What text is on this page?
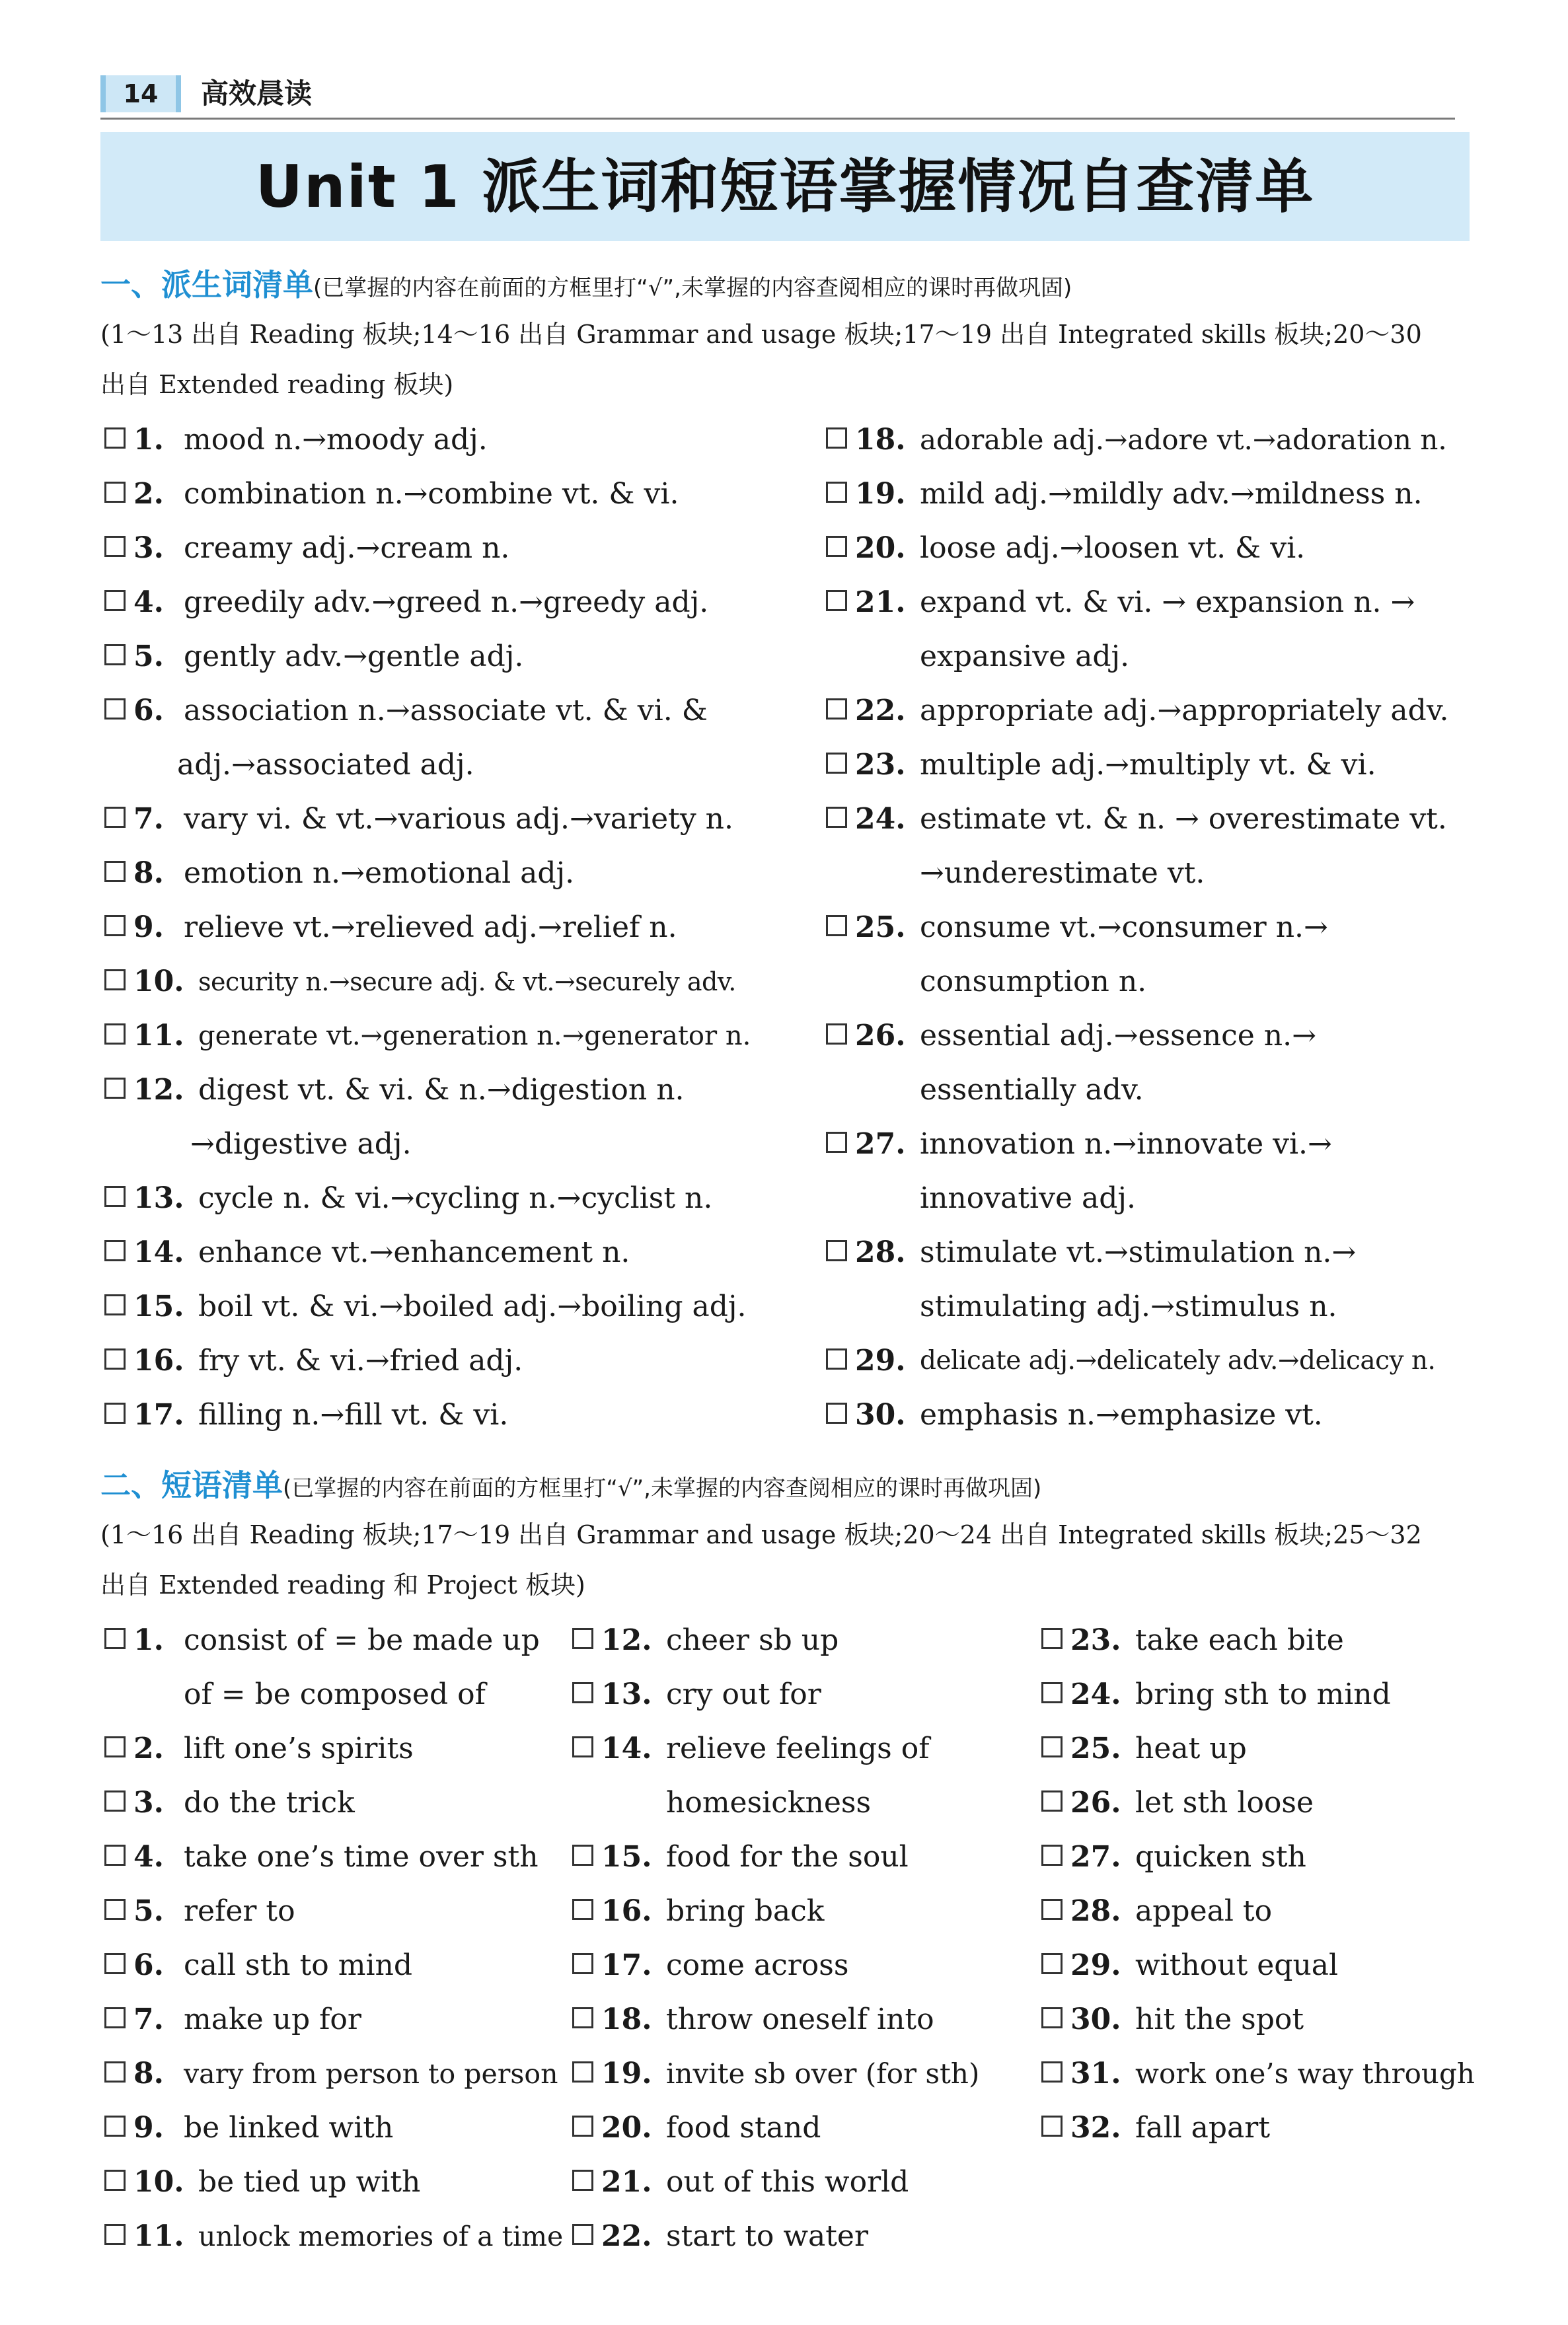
14	高效晨读
Unit 1 派生词和短语掌握情况自查清单
一、派生词清单(已掌握的内容在前面的方框里打“√”,未掌握的内容查阅相应的课时再做巩固)
(1～13 出自 Reading 板块;14～16 出自 Grammar and usage 板块;17～19 出自 Integrated skills 板块;20～30
出自 Extended reading 板块)
1. mood n.→moody adj.
2. combination n.→combine vt. & vi.
3. creamy adj.→cream n.
4. greedily adv.→greed n.→greedy adj.
5. gently adv.→gentle adj.
6. association n.→associate vt. & vi. &
adj.→associated adj.
7. vary vi. & vt.→various adj.→variety n.
8. emotion n.→emotional adj.
9. relieve vt.→relieved adj.→relief n.
10. security n.→secure adj. & vt.→securely adv.
11. generate vt.→generation n.→generator n.
12. digest vt. & vi. & n.→digestion n.
→digestive adj.
13. cycle n. & vi.→cycling n.→cyclist n.
14. enhance vt.→enhancement n.
15. boil vt. & vi.→boiled adj.→boiling adj.
16. fry vt. & vi.→fried adj.
17. filling n.→fill vt. & vi.
18. adorable adj.→adore vt.→adoration n.
19. mild adj.→mildly adv.→mildness n.
20. loose adj.→loosen vt. & vi.
21. expand vt. & vi. → expansion n. →
expansive adj.
22. appropriate adj.→appropriately adv.
23. multiple adj.→multiply vt. & vi.
24. estimate vt. & n. → overestimate vt.
→underestimate vt.
25. consume vt.→consumer n.→
consumption n.
26. essential adj.→essence n.→
essentially adv.
27. innovation n.→innovate vi.→
innovative adj.
28. stimulate vt.→stimulation n.→
stimulating adj.→stimulus n.
29. delicate adj.→delicately adv.→delicacy n.
30. emphasis n.→emphasize vt.
二、短语清单(已掌握的内容在前面的方框里打“√”,未掌握的内容查阅相应的课时再做巩固)
(1～16 出自 Reading 板块;17～19 出自 Grammar and usage 板块;20～24 出自 Integrated skills 板块;25～32
出自 Extended reading 和 Project 板块)
1. consist of = be made up
of = be composed of
2. lift one’s spirits
3. do the trick
4. take one’s time over sth
5. refer to
6. call sth to mind
7. make up for
8. vary from person to person
9. be linked with
10. be tied up with
11. unlock memories of a time
12. cheer sb up
13. cry out for
14. relieve feelings of
homesickness
15. food for the soul
16. bring back
17. come across
18. throw oneself into
19. invite sb over (for sth)
20. food stand
21. out of this world
22. start to water
23. take each bite
24. bring sth to mind
25. heat up
26. let sth loose
27. quicken sth
28. appeal to
29. without equal
30. hit the spot
31. work one’s way through
32. fall apart
